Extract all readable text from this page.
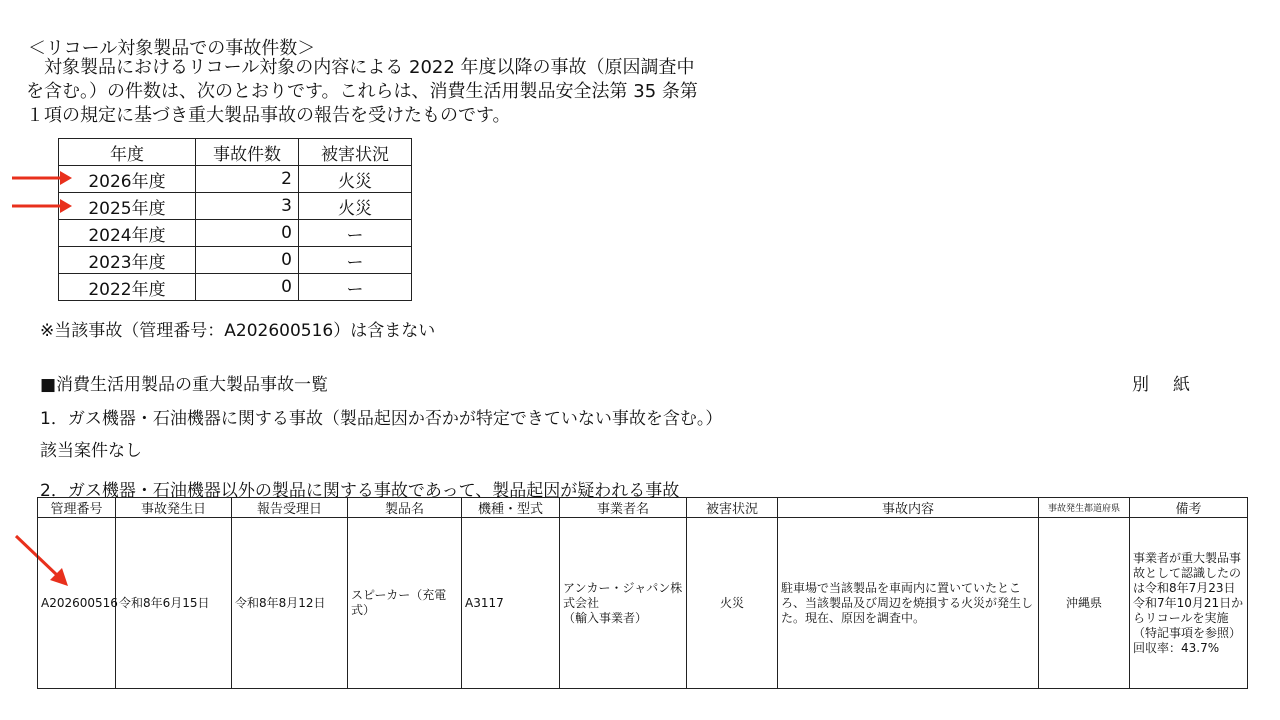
＜リコール対象製品での事故件数＞
　対象製品におけるリコール対象の内容による 2022 年度以降の事故（原因調査中
を含む。）の件数は、次のとおりです。これらは、消費生活用製品安全法第 35 条第
１項の規定に基づき重大製品事故の報告を受けたものです。
年度	事故件数	被害状況
2026年度	2	火災
2025年度	3	火災
2024年度	0	ー
2023年度	0	ー
2022年度	0	ー
※当該事故（管理番号：A202600516）は含まない
■消費生活用製品の重大製品事故一覧	別紙
1．ガス機器・石油機器に関する事故（製品起因か否かが特定できていない事故を含む。）
該当案件なし
2．ガス機器・石油機器以外の製品に関する事故であって、製品起因が疑われる事故
管理番号	事故発生日	報告受理日	製品名	機種・型式	事業者名	被害状況	事故内容	事故発生都道府県	備考
A202600516	令和8年6月15日	令和8年8月12日	スピーカー（充電式）	A3117	アンカー・ジャパン株式会社
（輸入事業者）	火災	駐車場で当該製品を車両内に置いていたところ、当該製品及び周辺を焼損する火災が発生した。現在、原因を調査中。	沖縄県	事業者が重大製品事故として認識したのは令和8年7月23日
令和7年10月21日からリコールを実施（特記事項を参照）
回収率：43.7%
